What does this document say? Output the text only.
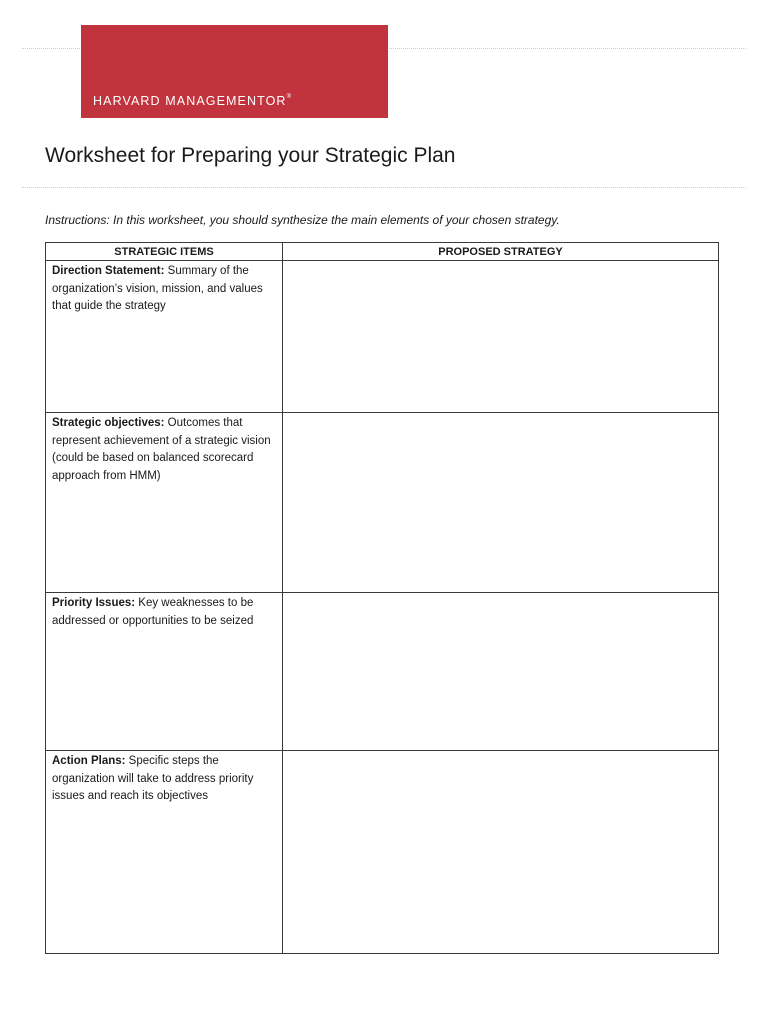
HARVARD MANAGEMENTOR®
Worksheet for Preparing your Strategic Plan

Instructions: In this worksheet, you should synthesize the main elements of your chosen strategy.

STRATEGIC ITEMS	PROPOSED STRATEGY
Direction Statement: Summary of the organization’s vision, mission, and values that guide the strategy	
Strategic objectives: Outcomes that represent achievement of a strategic vision (could be based on balanced scorecard approach from HMM)	
Priority Issues: Key weaknesses to be addressed or opportunities to be seized	
Action Plans: Specific steps the organization will take to address priority issues and reach its objectives	
